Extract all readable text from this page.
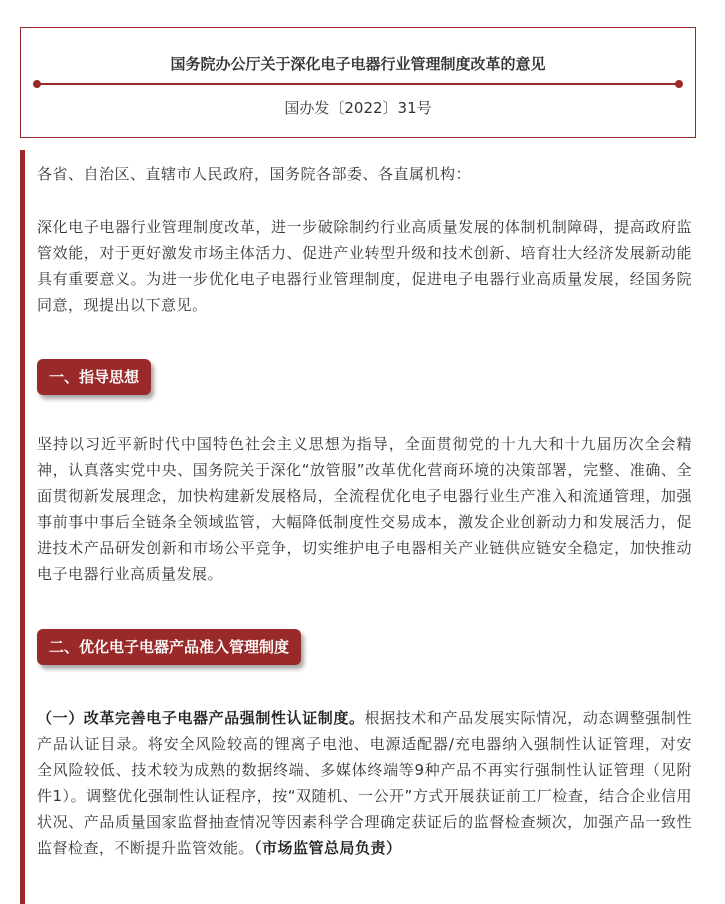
国务院办公厅关于深化电子电器行业管理制度改革的意见
国办发〔2022〕31号

各省、自治区、直辖市人民政府，国务院各部委、各直属机构：

深化电子电器行业管理制度改革，进一步破除制约行业高质量发展的体制机制障碍，提高政府监管效能，对于更好激发市场主体活力、促进产业转型升级和技术创新、培育壮大经济发展新动能具有重要意义。为进一步优化电子电器行业管理制度，促进电子电器行业高质量发展，经国务院同意，现提出以下意见。

一、指导思想

坚持以习近平新时代中国特色社会主义思想为指导，全面贯彻党的十九大和十九届历次全会精神，认真落实党中央、国务院关于深化“放管服”改革优化营商环境的决策部署，完整、准确、全面贯彻新发展理念，加快构建新发展格局，全流程优化电子电器行业生产准入和流通管理，加强事前事中事后全链条全领域监管，大幅降低制度性交易成本，激发企业创新动力和发展活力，促进技术产品研发创新和市场公平竞争，切实维护电子电器相关产业链供应链安全稳定，加快推动电子电器行业高质量发展。

二、优化电子电器产品准入管理制度

（一）改革完善电子电器产品强制性认证制度。根据技术和产品发展实际情况，动态调整强制性产品认证目录。将安全风险较高的锂离子电池、电源适配器/充电器纳入强制性认证管理，对安全风险较低、技术较为成熟的数据终端、多媒体终端等9种产品不再实行强制性认证管理（见附件1）。调整优化强制性认证程序，按“双随机、一公开”方式开展获证前工厂检查，结合企业信用状况、产品质量国家监督抽查情况等因素科学合理确定获证后的监督检查频次，加强产品一致性监督检查，不断提升监管效能。（市场监管总局负责）
